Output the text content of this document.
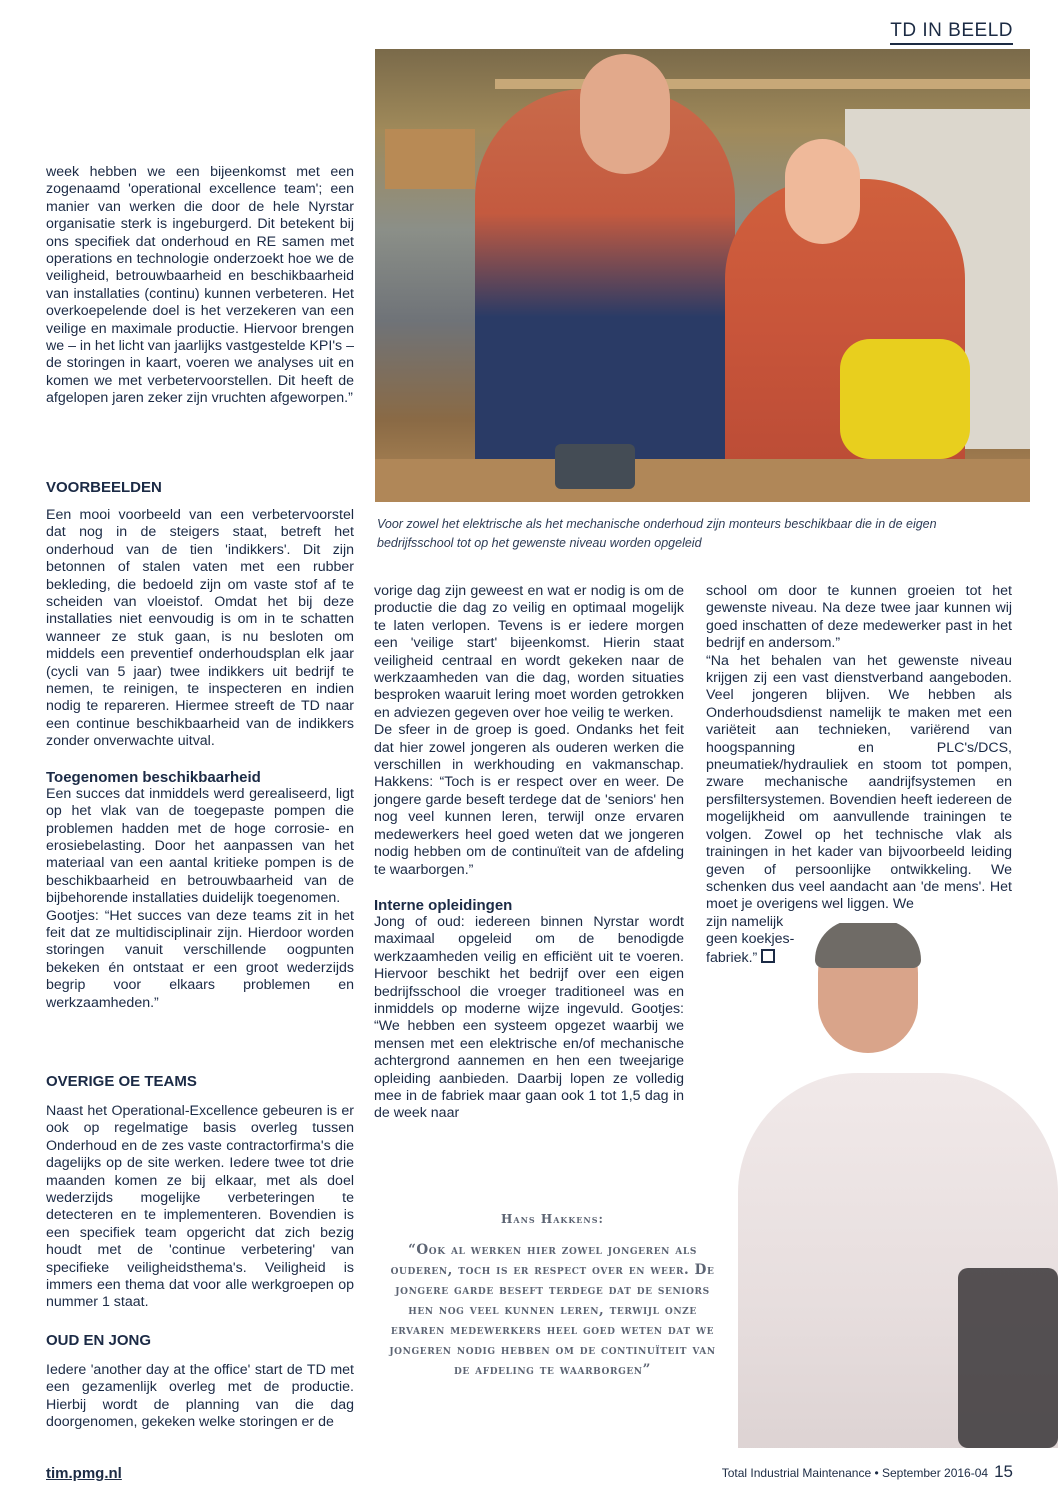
TD IN BEELD
Voor zowel het elektrische als het mechanische onderhoud zijn monteurs beschikbaar die in de eigen bedrijfsschool tot op het gewenste niveau worden opgeleid

week hebben we een bijeenkomst met een zogenaamd 'operational excellence team'; een manier van werken die door de hele Nyrstar organisatie sterk is ingeburgerd. Dit betekent bij ons specifiek dat onderhoud en RE samen met operations en technologie onderzoekt hoe we de veiligheid, betrouwbaarheid en beschikbaarheid van installaties (continu) kunnen verbeteren. Het overkoepelende doel is het verzekeren van een veilige en maximale productie. Hiervoor brengen we – in het licht van jaarlijks vastgestelde KPI's – de storingen in kaart, voeren we analyses uit en komen we met verbetervoorstellen. Dit heeft de afgelopen jaren zeker zijn vruchten afgeworpen.”

VOORBEELDEN

Een mooi voorbeeld van een verbetervoorstel dat nog in de steigers staat, betreft het onderhoud van de tien 'indikkers'. Dit zijn betonnen of stalen vaten met een rubber bekleding, die bedoeld zijn om vaste stof af te scheiden van vloeistof. Omdat het bij deze installaties niet eenvoudig is om in te schatten wanneer ze stuk gaan, is nu besloten om middels een preventief onderhoudsplan elk jaar (cycli van 5 jaar) twee indikkers uit bedrijf te nemen, te reinigen, te inspecteren en indien nodig te repareren. Hiermee streeft de TD naar een continue beschikbaarheid van de indikkers zonder onverwachte uitval.

Toegenomen beschikbaarheid

Een succes dat inmiddels werd gerealiseerd, ligt op het vlak van de toegepaste pompen die problemen hadden met de hoge corrosie- en erosiebelasting. Door het aanpassen van het materiaal van een aantal kritieke pompen is de beschikbaarheid en betrouwbaarheid van de bijbehorende installaties duidelijk toegenomen.

Gootjes: “Het succes van deze teams zit in het feit dat ze multidisciplinair zijn. Hierdoor worden storingen vanuit verschillende oogpunten bekeken én ontstaat er een groot wederzijds begrip voor elkaars problemen en werkzaamheden.”

OVERIGE OE TEAMS

Naast het Operational-Excellence gebeuren is er ook op regelmatige basis overleg tussen Onderhoud en de zes vaste contractorfirma's die dagelijks op de site werken. Iedere twee tot drie maanden komen ze bij elkaar, met als doel wederzijds mogelijke verbeteringen te detecteren en te implementeren. Bovendien is een specifiek team opgericht dat zich bezig houdt met de 'continue verbetering' van specifieke veiligheidsthema's. Veiligheid is immers een thema dat voor alle werkgroepen op nummer 1 staat.

OUD EN JONG

Iedere 'another day at the office' start de TD met een gezamenlijk overleg met de productie. Hierbij wordt de planning van die dag doorgenomen, gekeken welke storingen er de

vorige dag zijn geweest en wat er nodig is om de productie die dag zo veilig en optimaal mogelijk te laten verlopen. Tevens is er iedere morgen een 'veilige start' bijeenkomst. Hierin staat veiligheid centraal en wordt gekeken naar de werkzaamheden van die dag, worden situaties besproken waaruit lering moet worden getrokken en adviezen gegeven over hoe veilig te werken.

De sfeer in de groep is goed. Ondanks het feit dat hier zowel jongeren als ouderen werken die verschillen in werkhouding en vakmanschap. Hakkens: “Toch is er respect over en weer. De jongere garde beseft terdege dat de 'seniors' hen nog veel kunnen leren, terwijl onze ervaren medewerkers heel goed weten dat we jongeren nodig hebben om de continuïteit van de afdeling te waarborgen.”

Interne opleidingen

Jong of oud: iedereen binnen Nyrstar wordt maximaal opgeleid om de benodigde werkzaamheden veilig en efficiënt uit te voeren. Hiervoor beschikt het bedrijf over een eigen bedrijfsschool die vroeger traditioneel was en inmiddels op moderne wijze ingevuld. Gootjes: “We hebben een systeem opgezet waarbij we mensen met een elektrische en/of mechanische achtergrond aannemen en hen een tweejarige opleiding aanbieden. Daarbij lopen ze volledig mee in de fabriek maar gaan ook 1 tot 1,5 dag in de week naar

school om door te kunnen groeien tot het gewenste niveau. Na deze twee jaar kunnen wij goed inschatten of deze medewerker past in het bedrijf en andersom.”

“Na het behalen van het gewenste niveau krijgen zij een vast dienstverband aangeboden. Veel jongeren blijven. We hebben als Onderhoudsdienst namelijk te maken met een variëteit aan technieken, variërend van hoogspanning en PLC's/DCS, pneumatiek/hydrauliek en stoom tot pompen, zware mechanische aandrijfsystemen en persfiltersystemen. Bovendien heeft iedereen de mogelijkheid om aanvullende trainingen te volgen. Zowel op het technische vlak als trainingen in het kader van bijvoorbeeld leiding geven of persoonlijke ontwikkeling. We schenken dus veel aandacht aan 'de mens'. Het moet je overigens wel liggen. We

zijn namelijk

geen koekjes-

fabriek.”

Hans Hakkens:
“Ook al werken hier zowel jongeren als ouderen, toch is er respect over en weer. De jongere garde beseft terdege dat de seniors hen nog veel kunnen leren, terwijl onze ervaren medewerkers heel goed weten dat we jongeren nodig hebben om de continuïteit van de afdeling te waarborgen”
tim.pmg.nl	Total Industrial Maintenance • September 2016-04 15
